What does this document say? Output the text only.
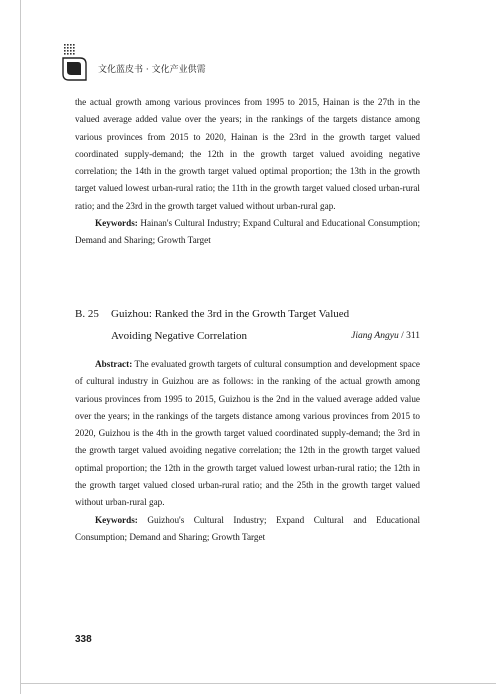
文化蓝皮书 · 文化产业供需

the actual growth among various provinces from 1995 to 2015, Hainan is the 27th in the valued average added value over the years; in the rankings of the targets distance among various provinces from 2015 to 2020, Hainan is the 23rd in the growth target valued coordinated supply-demand; the 12th in the growth target valued avoiding negative correlation; the 14th in the growth target valued optimal proportion; the 13th in the growth target valued lowest urban-rural ratio; the 11th in the growth target valued closed urban-rural ratio; and the 23rd in the growth target valued without urban-rural gap.

Keywords: Hainan's Cultural Industry; Expand Cultural and Educational Consumption; Demand and Sharing; Growth Target

B. 25 Guizhou: Ranked the 3rd in the Growth Target Valued
Avoiding Negative Correlation	Jiang Angyu / 311

Abstract: The evaluated growth targets of cultural consumption and development space of cultural industry in Guizhou are as follows: in the ranking of the actual growth among various provinces from 1995 to 2015, Guizhou is the 2nd in the valued average added value over the years; in the rankings of the targets distance among various provinces from 2015 to 2020, Guizhou is the 4th in the growth target valued coordinated supply-demand; the 3rd in the growth target valued avoiding negative correlation; the 12th in the growth target valued optimal proportion; the 12th in the growth target valued lowest urban-rural ratio; the 12th in the growth target valued closed urban-rural ratio; and the 25th in the growth target valued without urban-rural gap.

Keywords: Guizhou's Cultural Industry; Expand Cultural and Educational Consumption; Demand and Sharing; Growth Target

338
